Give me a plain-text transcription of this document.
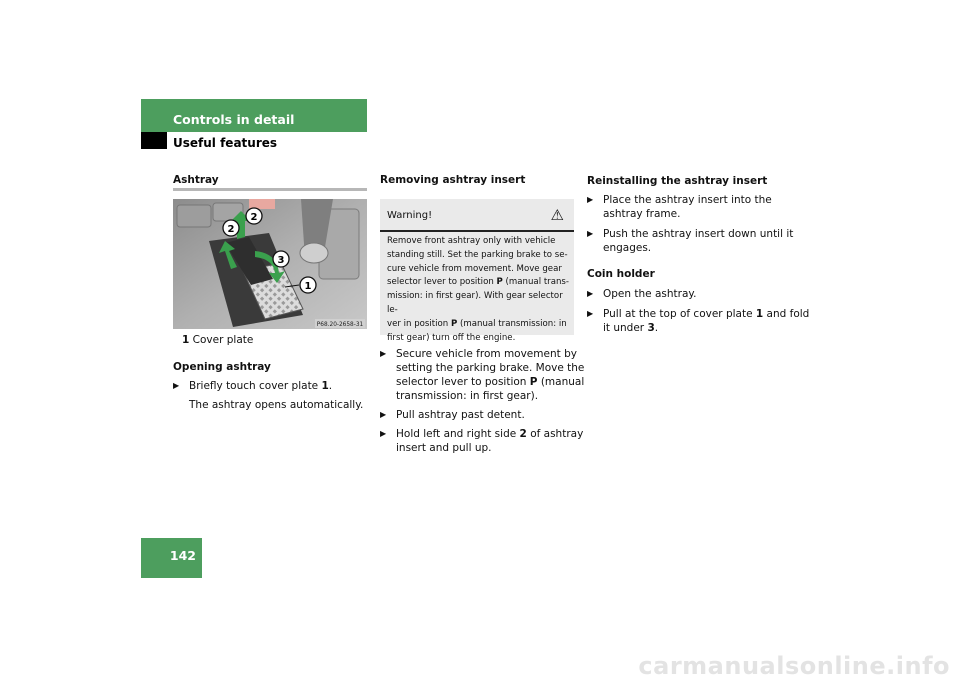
Controls in detail
Useful features
Ashtray
2
2
3
1
P68.20-2658-31
1 Cover plate
Opening ashtray
▶ Briefly touch cover plate 1.
The ashtray opens automatically.
Removing ashtray insert
Warning!	⚠
Remove front ashtray only with vehicle
standing still. Set the parking brake to se-
cure vehicle from movement. Move gear
selector lever to position P (manual trans-
mission: in first gear). With gear selector le-
ver in position P (manual transmission: in
first gear) turn off the engine.
▶ Secure vehicle from movement by
setting the parking brake. Move the
selector lever to position P (manual
transmission: in first gear).
▶ Pull ashtray past detent.
▶ Hold left and right side 2 of ashtray
insert and pull up.
Reinstalling the ashtray insert
▶ Place the ashtray insert into the
ashtray frame.
▶ Push the ashtray insert down until it
engages.
Coin holder
▶ Open the ashtray.
▶ Pull at the top of cover plate 1 and fold
it under 3.
142
carmanualsonline.info
